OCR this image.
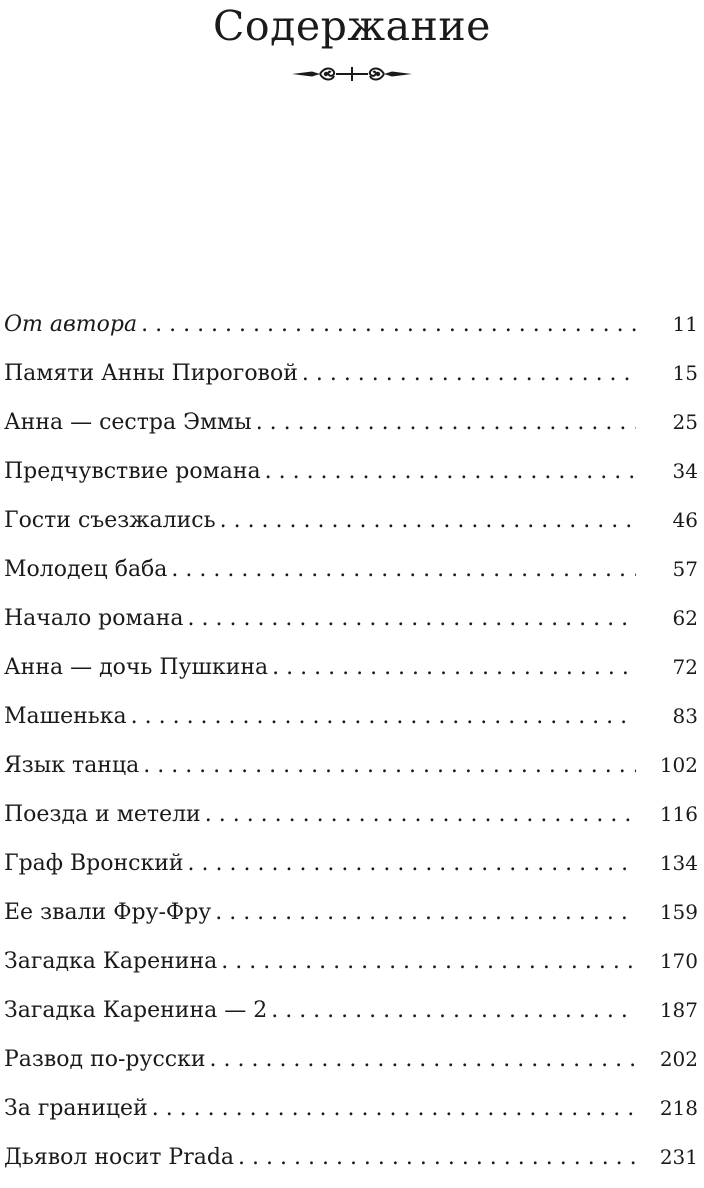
Содержание
От автора . . .	11
Памяти Анны Пироговой . . .	15
Анна — сестра Эммы . . .	25
Предчувствие романа . . .	34
Гости съезжались . . .	46
Молодец баба . . .	57
Начало романа . . .	62
Анна — дочь Пушкина . . .	72
Машенька . . .	83
Язык танца . . .	102
Поезда и метели . . .	116
Граф Вронский . . .	134
Ее звали Фру-Фру . . .	159
Загадка Каренина . . .	170
Загадка Каренина — 2 . . .	187
Развод по-русски . . .	202
За границей . . .	218
Дьявол носит Prada . . .	231
